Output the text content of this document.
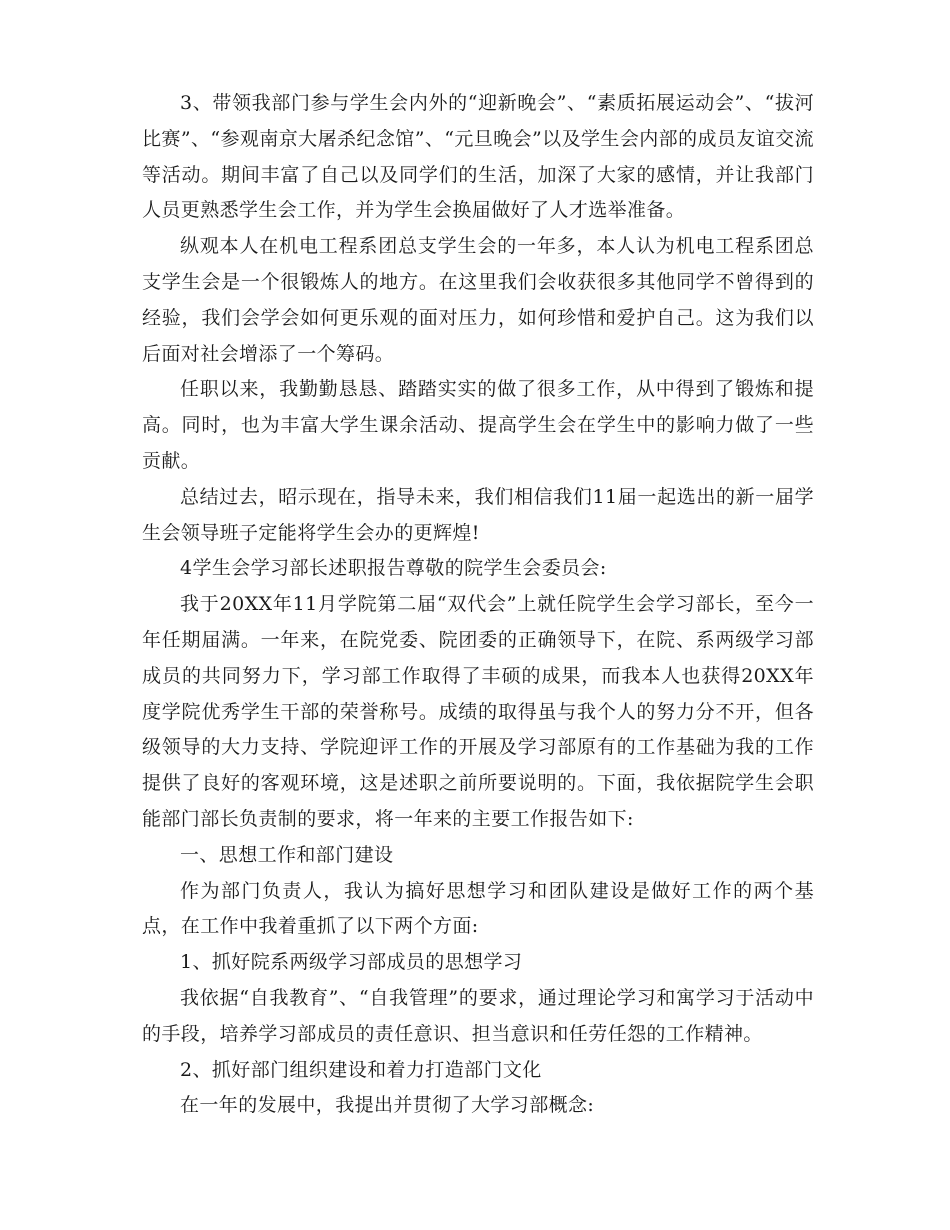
3、带领我部门参与学生会内外的“迎新晚会”、“素质拓展运动会”、“拔河比赛”、“参观南京大屠杀纪念馆”、“元旦晚会”以及学生会内部的成员友谊交流等活动。期间丰富了自己以及同学们的生活，加深了大家的感情，并让我部门人员更熟悉学生会工作，并为学生会换届做好了人才选举准备。

纵观本人在机电工程系团总支学生会的一年多，本人认为机电工程系团总支学生会是一个很锻炼人的地方。在这里我们会收获很多其他同学不曾得到的经验，我们会学会如何更乐观的面对压力，如何珍惜和爱护自己。这为我们以后面对社会增添了一个筹码。

任职以来，我勤勤恳恳、踏踏实实的做了很多工作，从中得到了锻炼和提高。同时，也为丰富大学生课余活动、提高学生会在学生中的影响力做了一些贡献。

总结过去，昭示现在，指导未来，我们相信我们11届一起选出的新一届学生会领导班子定能将学生会办的更辉煌!

4学生会学习部长述职报告尊敬的院学生会委员会:

我于20XX年11月学院第二届“双代会”上就任院学生会学习部长，至今一年任期届满。一年来，在院党委、院团委的正确领导下，在院、系两级学习部成员的共同努力下，学习部工作取得了丰硕的成果，而我本人也获得20XX年度学院优秀学生干部的荣誉称号。成绩的取得虽与我个人的努力分不开，但各级领导的大力支持、学院迎评工作的开展及学习部原有的工作基础为我的工作提供了良好的客观环境，这是述职之前所要说明的。下面，我依据院学生会职能部门部长负责制的要求，将一年来的主要工作报告如下:

一、思想工作和部门建设

作为部门负责人，我认为搞好思想学习和团队建设是做好工作的两个基点，在工作中我着重抓了以下两个方面:

1、抓好院系两级学习部成员的思想学习

我依据“自我教育”、“自我管理”的要求，通过理论学习和寓学习于活动中的手段，培养学习部成员的责任意识、担当意识和任劳任怨的工作精神。

2、抓好部门组织建设和着力打造部门文化

在一年的发展中，我提出并贯彻了大学习部概念:
